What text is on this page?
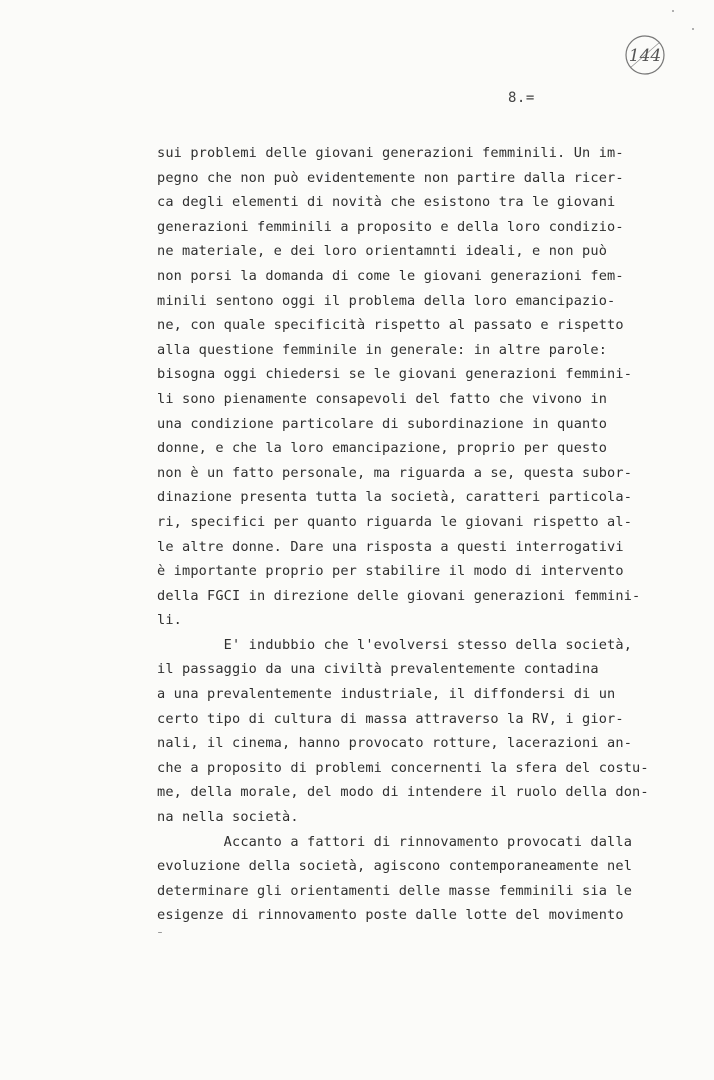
144
8.=
sui problemi delle giovani generazioni femminili. Un im-
pegno che non può evidentemente non partire dalla ricer-
ca degli elementi di novità che esistono tra le giovani
generazioni femminili a proposito e della loro condizio-
ne materiale, e dei loro orientamnti ideali, e non può
non porsi la domanda di come le giovani generazioni fem-
minili sentono oggi il problema della loro emancipazio-
ne, con quale specificità rispetto al passato e rispetto
alla questione femminile in generale: in altre parole:
bisogna oggi chiedersi se le giovani generazioni femmini-
li sono pienamente consapevoli del fatto che vivono in
una condizione particolare di subordinazione in quanto
donne, e che la loro emancipazione, proprio per questo
non è un fatto personale, ma riguarda a se, questa subor-
dinazione presenta tutta la società, caratteri particola-
ri, specifici per quanto riguarda le giovani rispetto al-
le altre donne. Dare una risposta a questi interrogativi
è importante proprio per stabilire il modo di intervento
della FGCI in direzione delle giovani generazioni femmini-
li.
E' indubbio che l'evolversi stesso della società,
il passaggio da una civiltà prevalentemente contadina
a una prevalentemente industriale, il diffondersi di un
certo tipo di cultura di massa attraverso la RV, i gior-
nali, il cinema, hanno provocato rotture, lacerazioni an-
che a proposito di problemi concernenti la sfera del costu-
me, della morale, del modo di intendere il ruolo della don-
na nella società.
Accanto a fattori di rinnovamento provocati dalla
evoluzione della società, agiscono contemporaneamente nel
determinare gli orientamenti delle masse femminili sia le
esigenze di rinnovamento poste dalle lotte del movimento
